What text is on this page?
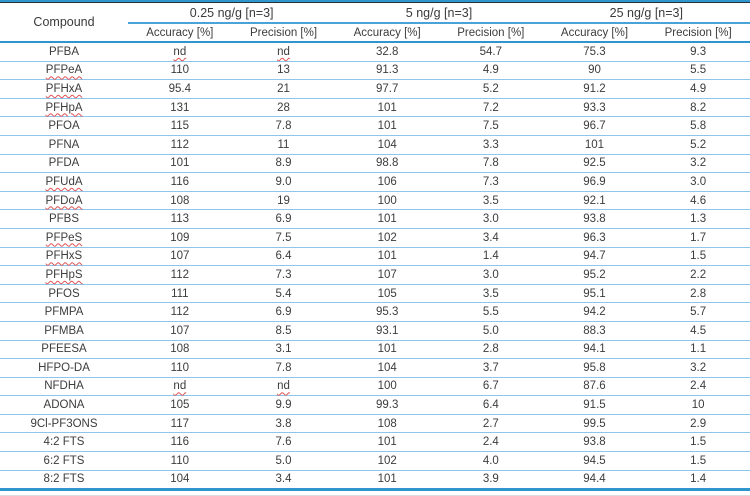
Compound	0.25 ng/g [n=3]		5 ng/g [n=3]		25 ng/g [n=3]	
	Accuracy [%]	Precision [%]	Accuracy [%]	Precision [%]	Accuracy [%]	Precision [%]
PFBA	nd	nd	32.8	54.7	75.3	9.3
PFPeA	110	13	91.3	4.9	90	5.5
PFHxA	95.4	21	97.7	5.2	91.2	4.9
PFHpA	131	28	101	7.2	93.3	8.2
PFOA	115	7.8	101	7.5	96.7	5.8
PFNA	112	11	104	3.3	101	5.2
PFDA	101	8.9	98.8	7.8	92.5	3.2
PFUdA	116	9.0	106	7.3	96.9	3.0
PFDoA	108	19	100	3.5	92.1	4.6
PFBS	113	6.9	101	3.0	93.8	1.3
PFPeS	109	7.5	102	3.4	96.3	1.7
PFHxS	107	6.4	101	1.4	94.7	1.5
PFHpS	112	7.3	107	3.0	95.2	2.2
PFOS	111	5.4	105	3.5	95.1	2.8
PFMPA	112	6.9	95.3	5.5	94.2	5.7
PFMBA	107	8.5	93.1	5.0	88.3	4.5
PFEESA	108	3.1	101	2.8	94.1	1.1
HFPO-DA	110	7.8	104	3.7	95.8	3.2
NFDHA	nd	nd	100	6.7	87.6	2.4
ADONA	105	9.9	99.3	6.4	91.5	10
9Cl-PF3ONS	117	3.8	108	2.7	99.5	2.9
4:2 FTS	116	7.6	101	2.4	93.8	1.5
6:2 FTS	110	5.0	102	4.0	94.5	1.5
8:2 FTS	104	3.4	101	3.9	94.4	1.4
